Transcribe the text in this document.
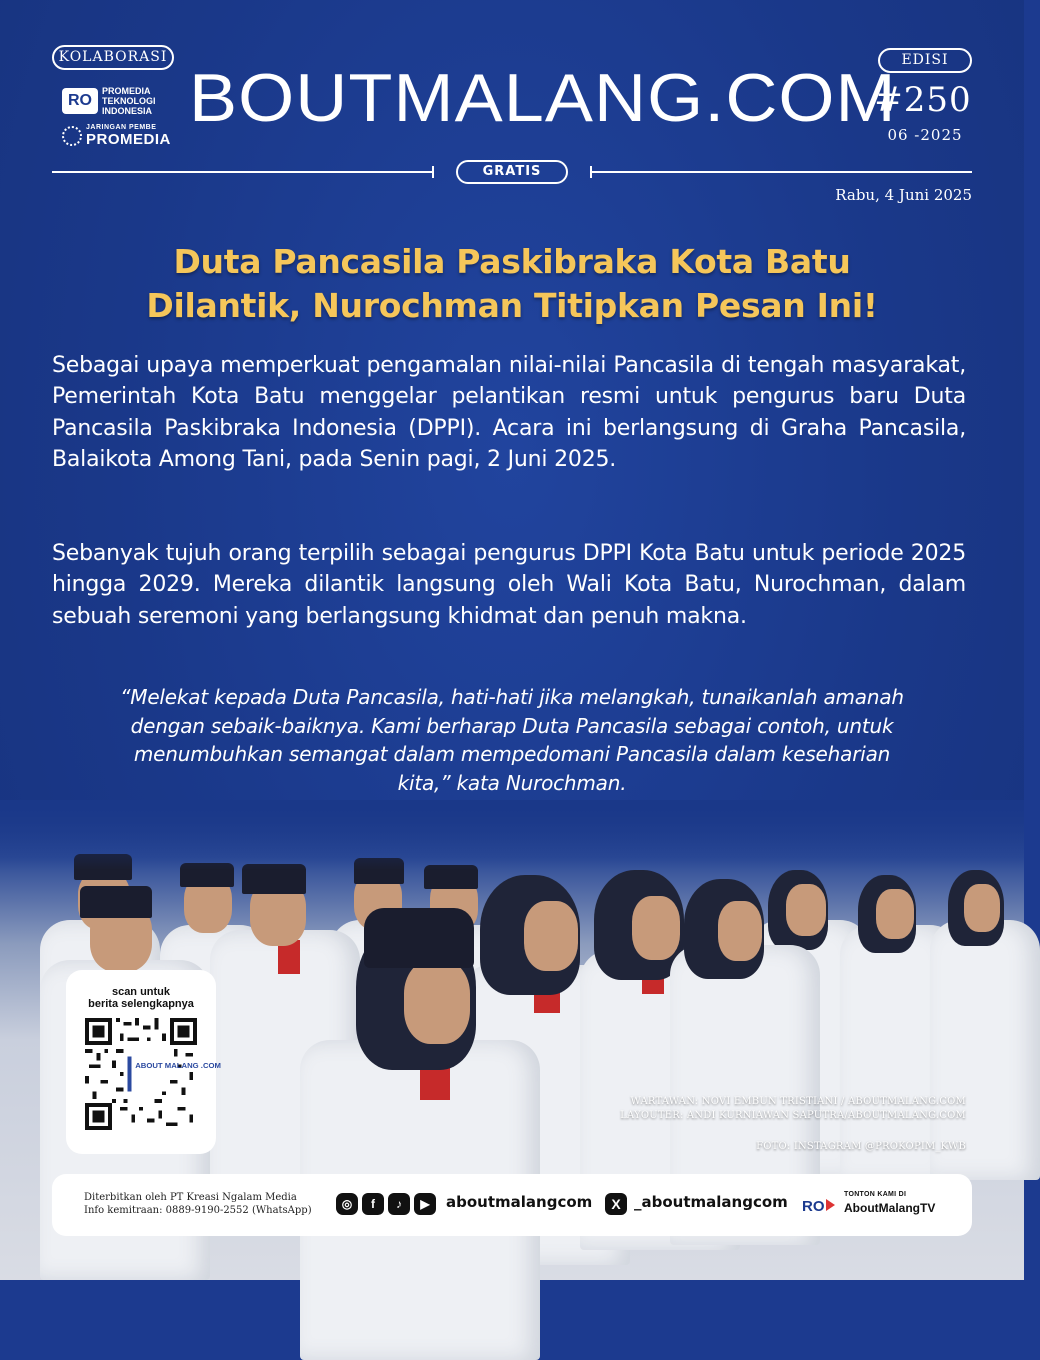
KOLABORASI
RO
PROMEDIA
TEKNOLOGI
INDONESIA
JARINGAN PEMBE
PROMEDIA
BOUTMALANG.COM EDISI
#250
06 -2025
GRATIS
Rabu, 4 Juni 2025
Duta Pancasila Paskibraka Kota Batu
Dilantik, Nurochman Titipkan Pesan Ini!
Sebagai upaya memperkuat pengamalan nilai-nilai Pancasila di tengah masyarakat, Pemerintah Kota Batu menggelar pelantikan resmi untuk pengurus baru Duta Pancasila Paskibraka Indonesia (DPPI). Acara ini berlangsung di Graha Pancasila, Balaikota Among Tani, pada Senin pagi, 2 Juni 2025.
Sebanyak tujuh orang terpilih sebagai pengurus DPPI Kota Batu untuk periode 2025 hingga 2029. Mereka dilantik langsung oleh Wali Kota Batu, Nurochman, dalam sebuah seremoni yang berlangsung khidmat dan penuh makna.
“Melekat kepada Duta Pancasila, hati-hati jika melangkah, tunaikanlah amanah dengan sebaik-baiknya. Kami berharap Duta Pancasila sebagai contoh, untuk menumbuhkan semangat dalam mempedomani Pancasila dalam keseharian kita,” kata Nurochman.
WARTAWAN: NOVI EMBUN TRISTIANI / ABOUTMALANG.COM
LAYOUTER: ANDI KURNIAWAN SAPUTRA/ABOUTMALANG.COM
FOTO: INSTAGRAM @PROKOPIM_KWB
scan untuk
berita selengkapnya
ABOUT MALANG .COM
Diterbitkan oleh PT Kreasi Ngalam Media
Info kemitraan: 0889-9190-2552 (WhatsApp)	◎	f	♪	▶	aboutmalangcom	X _aboutmalangcom RO
TONTON KAMI DI
AboutMalangTV
